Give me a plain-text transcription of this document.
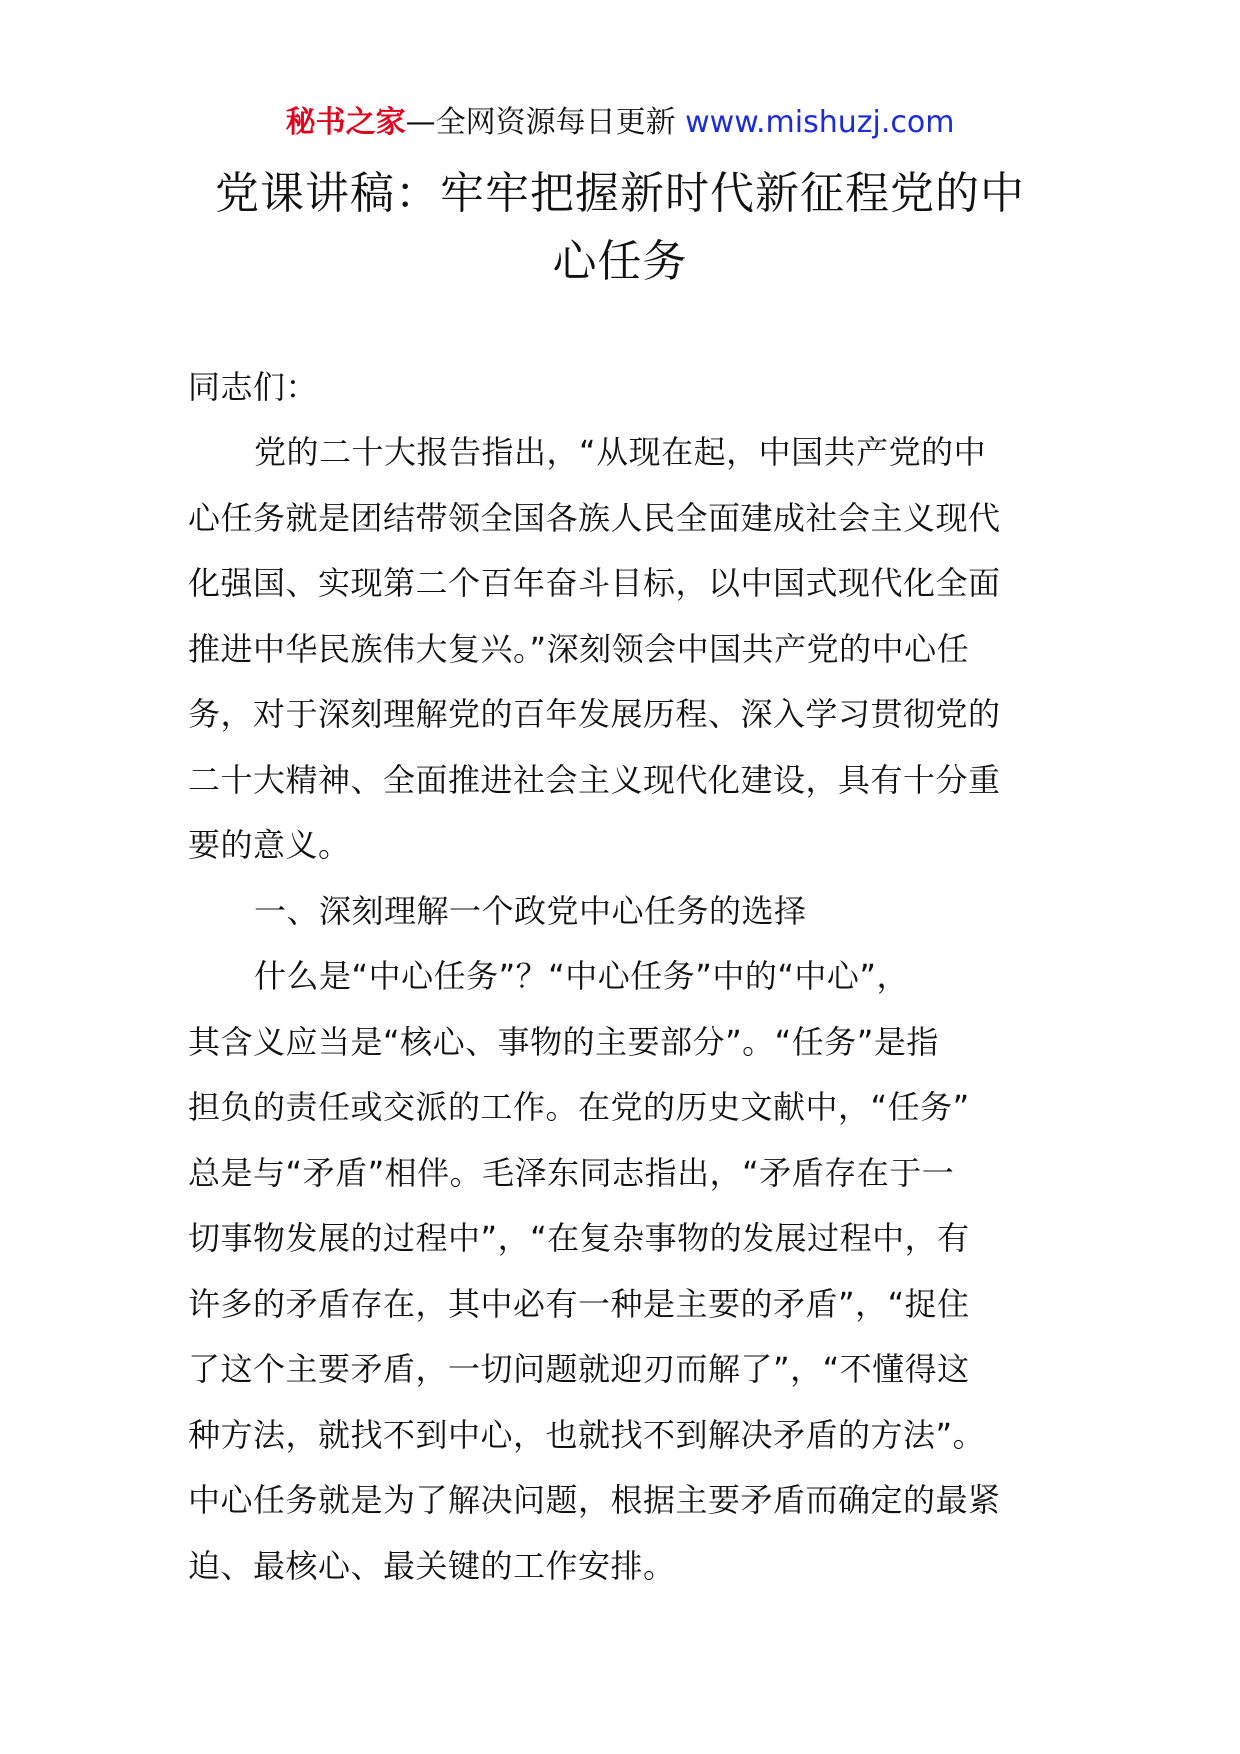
秘书之家—全网资源每日更新 www.mishuzj.com
党课讲稿：牢牢把握新时代新征程党的中
心任务
同志们：
党的二十大报告指出，“从现在起，中国共产党的中
心任务就是团结带领全国各族人民全面建成社会主义现代
化强国、实现第二个百年奋斗目标，以中国式现代化全面
推进中华民族伟大复兴。”深刻领会中国共产党的中心任
务，对于深刻理解党的百年发展历程、深入学习贯彻党的
二十大精神、全面推进社会主义现代化建设，具有十分重
要的意义。
一、深刻理解一个政党中心任务的选择
什么是“中心任务”？“中心任务”中的“中心”，
其含义应当是“核心、事物的主要部分”。“任务”是指
担负的责任或交派的工作。在党的历史文献中，“任务”
总是与“矛盾”相伴。毛泽东同志指出，“矛盾存在于一
切事物发展的过程中”，“在复杂事物的发展过程中，有
许多的矛盾存在，其中必有一种是主要的矛盾”，“捉住
了这个主要矛盾，一切问题就迎刃而解了”，“不懂得这
种方法，就找不到中心，也就找不到解决矛盾的方法”。
中心任务就是为了解决问题，根据主要矛盾而确定的最紧
迫、最核心、最关键的工作安排。
